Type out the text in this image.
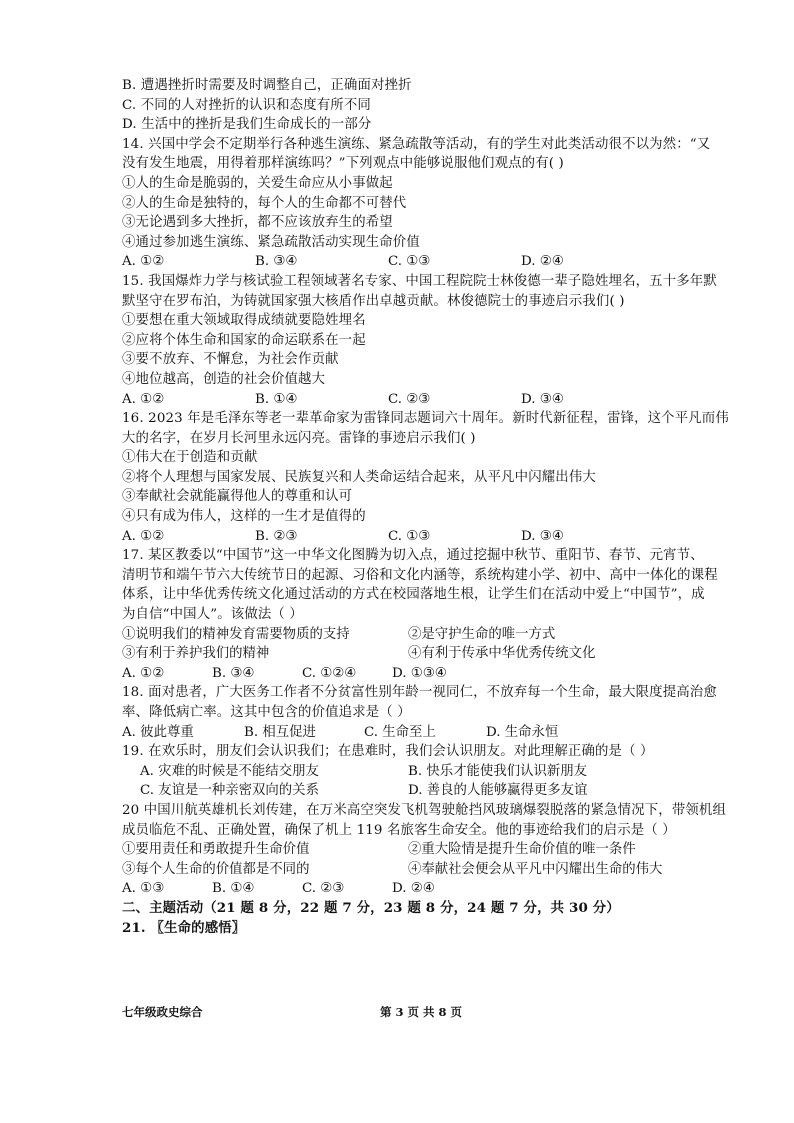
B. 遭遇挫折时需要及时调整自己，正确面对挫折
C. 不同的人对挫折的认识和态度有所不同
D. 生活中的挫折是我们生命成长的一部分
14. 兴国中学会不定期举行各种逃生演练、紧急疏散等活动，有的学生对此类活动很不以为然：“又
没有发生地震，用得着那样演练吗？”下列观点中能够说服他们观点的有( )
①人的生命是脆弱的，关爱生命应从小事做起
②人的生命是独特的，每个人的生命都不可替代
③无论遇到多大挫折，都不应该放弃生的希望
④通过参加逃生演练、紧急疏散活动实现生命价值
A. ①②	B. ③④	C. ①③	D. ②④
15. 我国爆炸力学与核试验工程领域著名专家、中国工程院院士林俊德一辈子隐姓埋名，五十多年默
默坚守在罗布泊，为铸就国家强大核盾作出卓越贡献。林俊德院士的事迹启示我们( )
①要想在重大领域取得成绩就要隐姓埋名
②应将个体生命和国家的命运联系在一起
③要不放弃、不懈怠，为社会作贡献
④地位越高，创造的社会价值越大
A. ①②	B. ①④	C. ②③	D. ③④
16. 2023 年是毛泽东等老一辈革命家为雷锋同志题词六十周年。新时代新征程，雷锋，这个平凡而伟
大的名字，在岁月长河里永远闪亮。雷锋的事迹启示我们( )
①伟大在于创造和贡献
②将个人理想与国家发展、民族复兴和人类命运结合起来，从平凡中闪耀出伟大
③奉献社会就能赢得他人的尊重和认可
④只有成为伟人，这样的一生才是值得的
A. ①②	B. ②③	C. ①③	D. ③④
17. 某区教委以“中国节”这一中华文化图腾为切入点，通过挖掘中秋节、重阳节、春节、元宵节、
清明节和端午节六大传统节日的起源、习俗和文化内涵等，系统构建小学、初中、高中一体化的课程
体系，让中华优秀传统文化通过活动的方式在校园落地生根，让学生们在活动中爱上“中国节”，成
为自信“中国人”。该做法（ ）
①说明我们的精神发育需要物质的支持	②是守护生命的唯一方式
③有利于养护我们的精神	④有利于传承中华优秀传统文化
A. ①②	B. ③④	C. ①②④	D. ①③④
18. 面对患者，广大医务工作者不分贫富性别年龄一视同仁，不放弃每一个生命，最大限度提高治愈
率、降低病亡率。这其中包含的价值追求是（ ）
A. 彼此尊重	B. 相互促进	C. 生命至上	D. 生命永恒
19. 在欢乐时，朋友们会认识我们；在患难时，我们会认识朋友。对此理解正确的是（ ）
A. 灾难的时候是不能结交朋友	B. 快乐才能使我们认识新朋友
C. 友谊是一种亲密双向的关系	D. 善良的人能够赢得更多友谊
20 中国川航英雄机长刘传建，在万米高空突发飞机驾驶舱挡风玻璃爆裂脱落的紧急情况下，带领机组
成员临危不乱、正确处置，确保了机上 119 名旅客生命安全。他的事迹给我们的启示是（ ）
①要用责任和勇敢提升生命价值	②重大险情是提升生命价值的唯一条件
③每个人生命的价值都是不同的	④奉献社会便会从平凡中闪耀出生命的伟大
A. ①③	B. ①④	C. ②③	D. ②④
二、主题活动（21 题 8 分，22 题 7 分，23 题 8 分，24 题 7 分，共 30 分）
21. 〖生命的感悟〗
七年级政史综合	第 3 页 共 8 页
